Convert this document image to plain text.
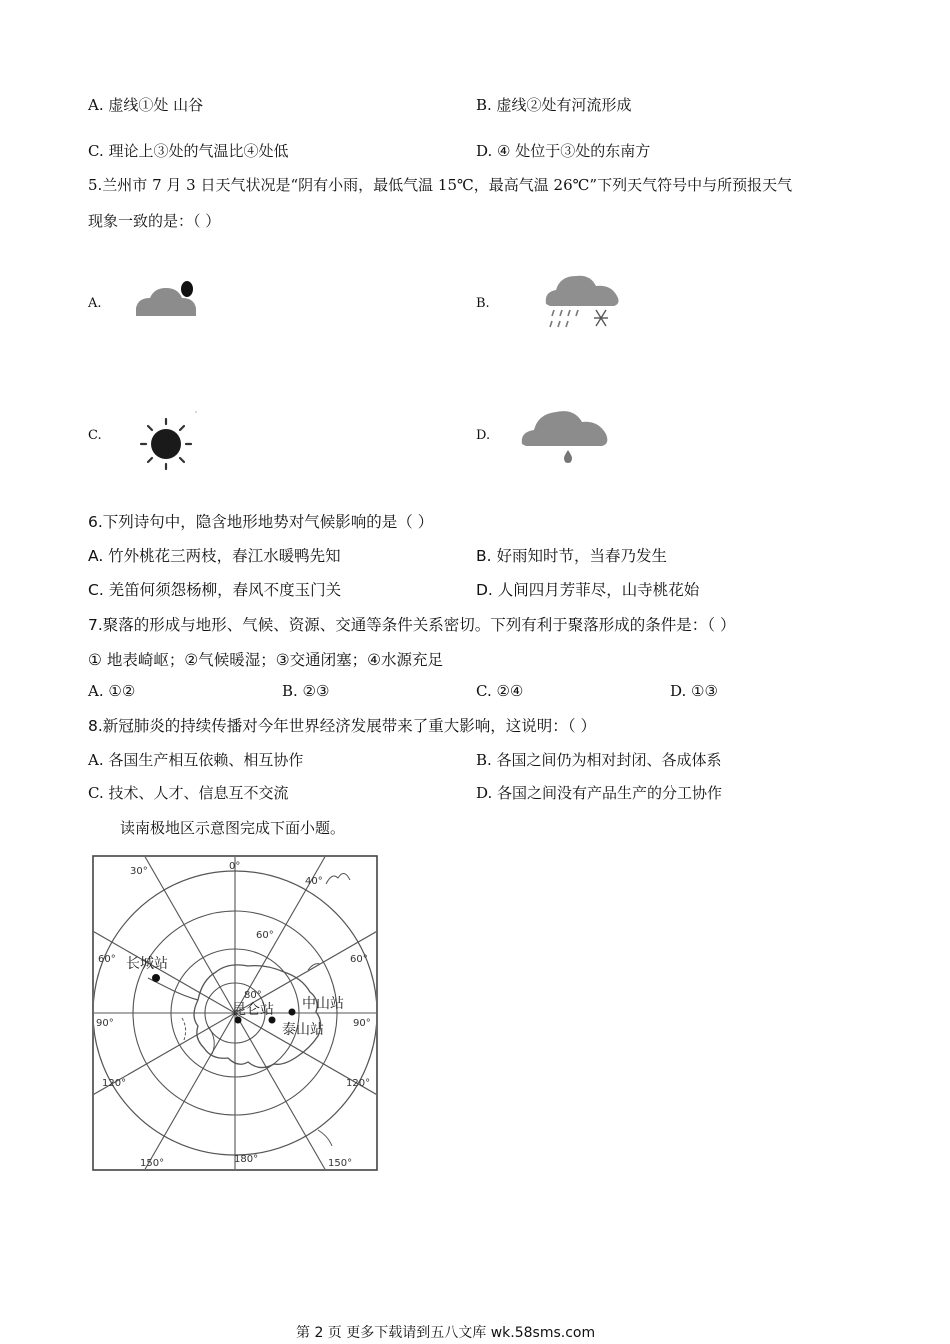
A. 虚线①处 山谷	B. 虚线②处有河流形成
C. 理论上③处的气温比④处低	D. ④ 处位于③处的东南方
5.兰州市 7 月 3 日天气状况是“阴有小雨，最低气温 15℃，最高气温 26℃”下列天气符号中与所预报天气
现象一致的是：（ ）
A.	B.
C.	D.
6.下列诗句中，隐含地形地势对气候影响的是（ ）
A. 竹外桃花三两枝，春江水暖鸭先知	B. 好雨知时节，当春乃发生
C. 羌笛何须怨杨柳，春风不度玉门关	D. 人间四月芳菲尽，山寺桃花始
7.聚落的形成与地形、气候、资源、交通等条件关系密切。下列有利于聚落形成的条件是：（ ）
① 地表崎岖；②气候暖湿；③交通闭塞；④水源充足
A. ①②	B. ②③	C. ②④	D. ①③
8.新冠肺炎的持续传播对今年世界经济发展带来了重大影响，这说明：（ ）
A. 各国生产相互依赖、相互协作	B. 各国之间仍为相对封闭、各成体系
C. 技术、人才、信息互不交流	D. 各国之间没有产品生产的分工协作
读南极地区示意图完成下面小题。
0°
30°
40°
60°	60°
90°	90°
120°	120°
150°	180°	150°
60°
80°
长城站
昆仑站 中山站
泰山站
第 2 页 更多下载请到五八文库 wk.58sms.com
